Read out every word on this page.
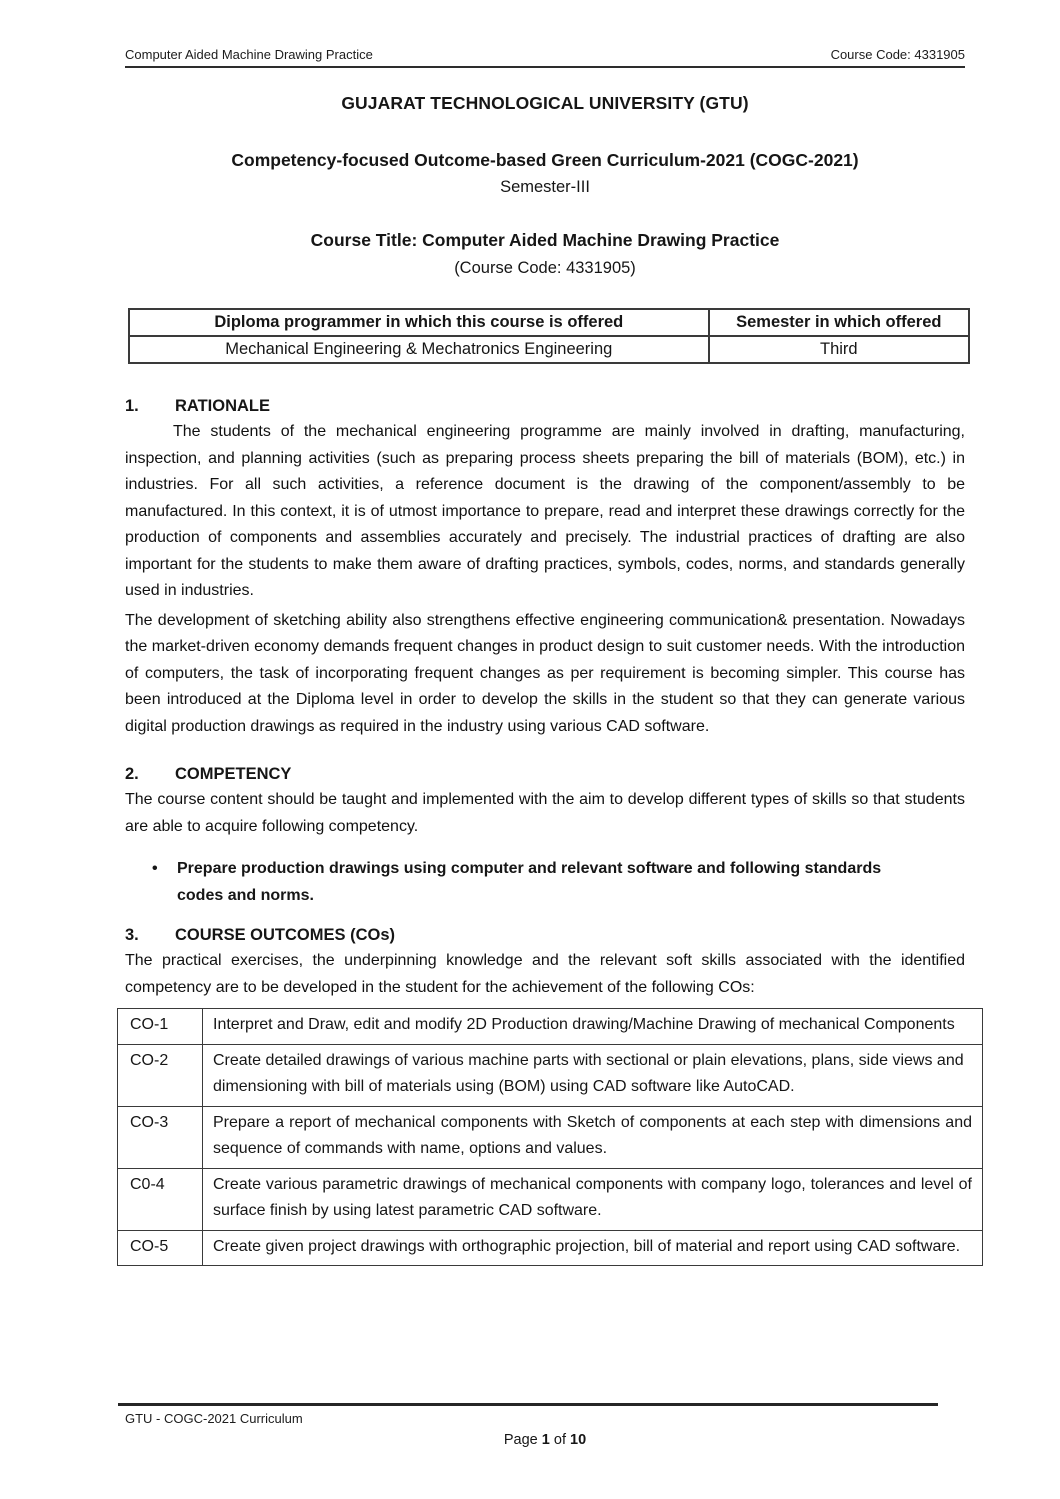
Computer Aided Machine Drawing Practice	Course Code: 4331905
GUJARAT TECHNOLOGICAL UNIVERSITY (GTU)
Competency-focused Outcome-based Green Curriculum-2021 (COGC-2021)
Semester-III
Course Title: Computer Aided Machine Drawing Practice
(Course Code: 4331905)
Diploma programmer in which this course is offered	Semester in which offered
Mechanical Engineering & Mechatronics Engineering	Third
1.	RATIONALE

The students of the mechanical engineering programme are mainly involved in drafting, manufacturing, inspection, and planning activities (such as preparing process sheets preparing the bill of materials (BOM), etc.) in industries. For all such activities, a reference document is the drawing of the component/assembly to be manufactured. In this context, it is of utmost importance to prepare, read and interpret these drawings correctly for the production of components and assemblies accurately and precisely. The industrial practices of drafting are also important for the students to make them aware of drafting practices, symbols, codes, norms, and standards generally used in industries.

The development of sketching ability also strengthens effective engineering communication& presentation. Nowadays the market-driven economy demands frequent changes in product design to suit customer needs. With the introduction of computers, the task of incorporating frequent changes as per requirement is becoming simpler. This course has been introduced at the Diploma level in order to develop the skills in the student so that they can generate various digital production drawings as required in the industry using various CAD software.

2.	COMPETENCY

The course content should be taught and implemented with the aim to develop different types of skills so that students are able to acquire following competency.

•	Prepare production drawings using computer and relevant software and following standards codes and norms.
3.	COURSE OUTCOMES (COs)

The practical exercises, the underpinning knowledge and the relevant soft skills associated with the identified competency are to be developed in the student for the achievement of the following COs:

CO-1	Interpret and Draw, edit and modify 2D Production drawing/Machine Drawing of mechanical Components
CO-2	Create detailed drawings of various machine parts with sectional or plain elevations, plans, side views and dimensioning with bill of materials using (BOM) using CAD software like AutoCAD.
CO-3	Prepare a report of mechanical components with Sketch of components at each step with dimensions and sequence of commands with name, options and values.
C0-4	Create various parametric drawings of mechanical components with company logo, tolerances and level of surface finish by using latest parametric CAD software.
CO-5	Create given project drawings with orthographic projection, bill of material and report using CAD software.
GTU - COGC-2021 Curriculum
Page 1 of 10
